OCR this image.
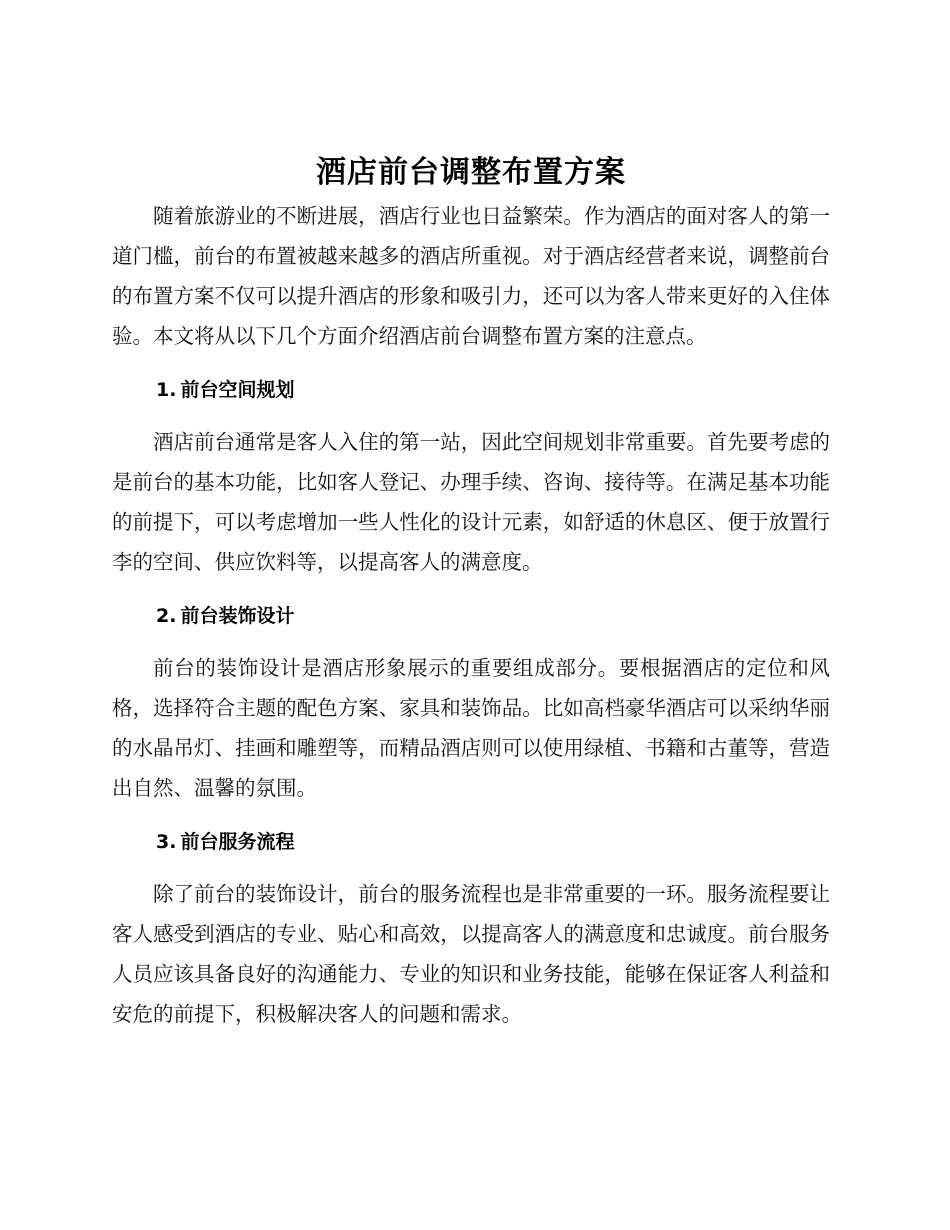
酒店前台调整布置方案

随着旅游业的不断进展，酒店行业也日益繁荣。作为酒店的面对客人的第一道门槛，前台的布置被越来越多的酒店所重视。对于酒店经营者来说，调整前台的布置方案不仅可以提升酒店的形象和吸引力，还可以为客人带来更好的入住体验。本文将从以下几个方面介绍酒店前台调整布置方案的注意点。

1. 前台空间规划

酒店前台通常是客人入住的第一站，因此空间规划非常重要。首先要考虑的是前台的基本功能，比如客人登记、办理手续、咨询、接待等。在满足基本功能的前提下，可以考虑增加一些人性化的设计元素，如舒适的休息区、便于放置行李的空间、供应饮料等，以提高客人的满意度。

2. 前台装饰设计

前台的装饰设计是酒店形象展示的重要组成部分。要根据酒店的定位和风格，选择符合主题的配色方案、家具和装饰品。比如高档豪华酒店可以采纳华丽的水晶吊灯、挂画和雕塑等，而精品酒店则可以使用绿植、书籍和古董等，营造出自然、温馨的氛围。

3. 前台服务流程

除了前台的装饰设计，前台的服务流程也是非常重要的一环。服务流程要让客人感受到酒店的专业、贴心和高效，以提高客人的满意度和忠诚度。前台服务人员应该具备良好的沟通能力、专业的知识和业务技能，能够在保证客人利益和安危的前提下，积极解决客人的问题和需求。
